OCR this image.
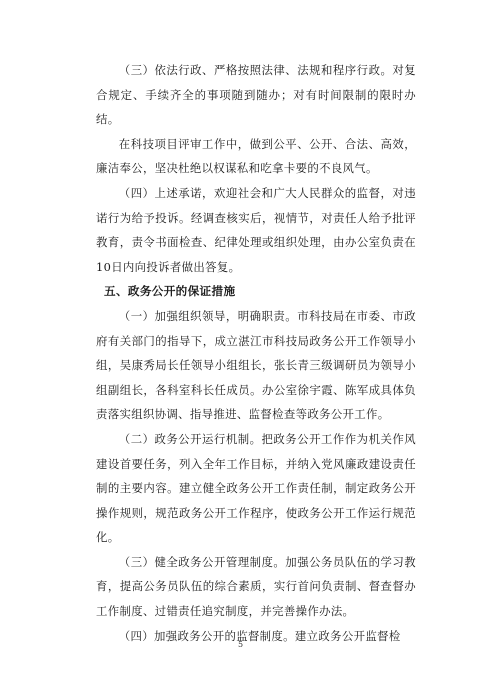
（三）依法行政、严格按照法律、法规和程序行政。对复合规定、手续齐全的事项随到随办；对有时间限制的限时办结。

在科技项目评审工作中，做到公平、公开、合法、高效，廉洁奉公，坚决杜绝以权谋私和吃拿卡要的不良风气。

（四）上述承诺，欢迎社会和广大人民群众的监督，对违诺行为给予投诉。经调查核实后，视情节，对责任人给予批评教育，责令书面检查、纪律处理或组织处理，由办公室负责在10日内向投诉者做出答复。

五、政务公开的保证措施

（一）加强组织领导，明确职责。市科技局在市委、市政府有关部门的指导下，成立湛江市科技局政务公开工作领导小组，吴康秀局长任领导小组组长，张长青三级调研员为领导小组副组长，各科室科长任成员。办公室徐宇霞、陈军成具体负责落实组织协调、指导推进、监督检查等政务公开工作。

（二）政务公开运行机制。把政务公开工作作为机关作风建设首要任务，列入全年工作目标，并纳入党风廉政建设责任制的主要内容。建立健全政务公开工作责任制，制定政务公开操作规则，规范政务公开工作程序，使政务公开工作运行规范化。

（三）健全政务公开管理制度。加强公务员队伍的学习教育，提高公务员队伍的综合素质，实行首问负责制、督查督办工作制度、过错责任追究制度，并完善操作办法。

（四）加强政务公开的监督制度。建立政务公开监督检

5
